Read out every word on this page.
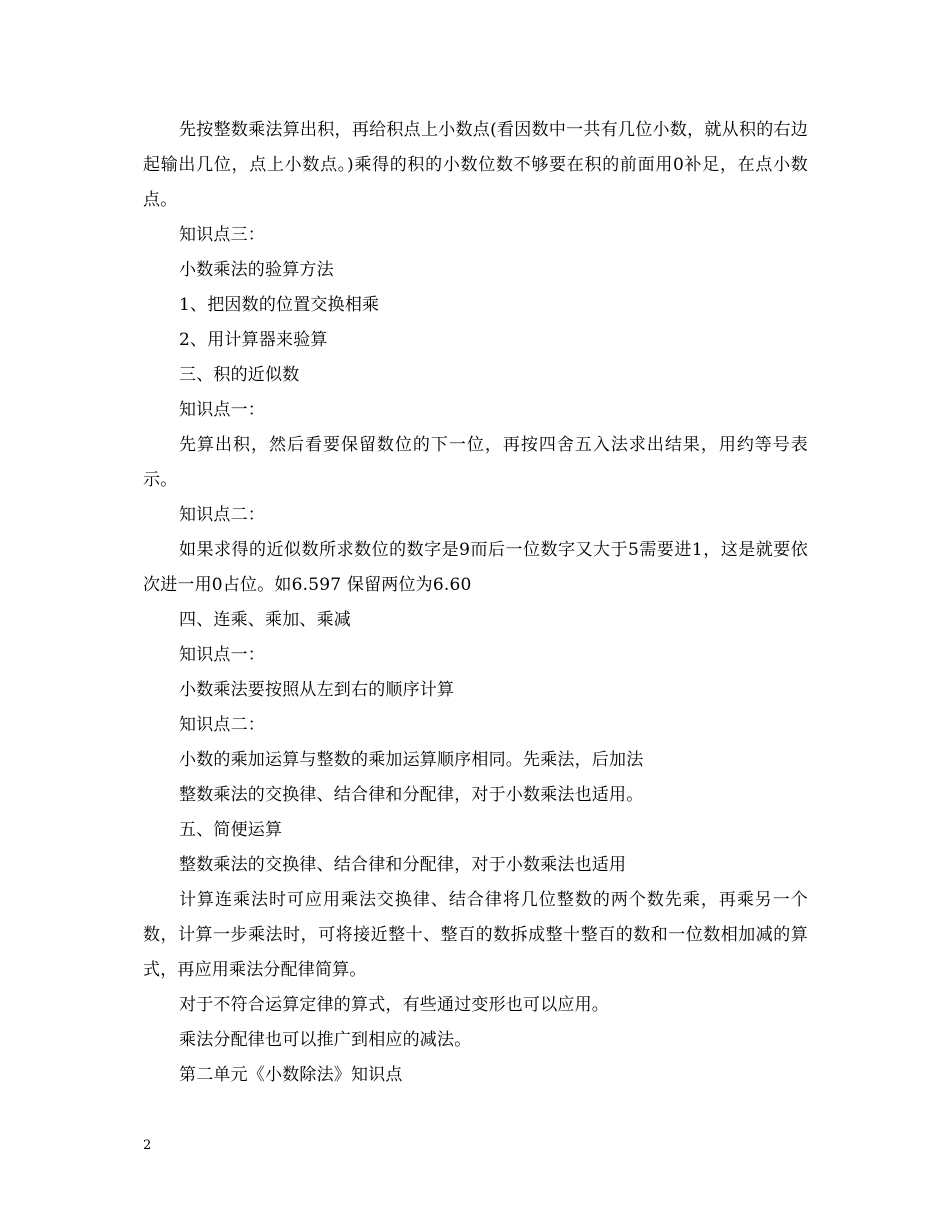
先按整数乘法算出积，再给积点上小数点(看因数中一共有几位小数，就从积的右边起输出几位，点上小数点。)乘得的积的小数位数不够要在积的前面用0补足，在点小数点。

知识点三：

小数乘法的验算方法

1、把因数的位置交换相乘

2、用计算器来验算

三、积的近似数

知识点一：

先算出积，然后看要保留数位的下一位，再按四舍五入法求出结果，用约等号表示。

知识点二：

如果求得的近似数所求数位的数字是9而后一位数字又大于5需要进1，这是就要依次进一用0占位。如6.597 保留两位为6.60

四、连乘、乘加、乘减

知识点一：

小数乘法要按照从左到右的顺序计算

知识点二：

小数的乘加运算与整数的乘加运算顺序相同。先乘法，后加法

整数乘法的交换律、结合律和分配律，对于小数乘法也适用。

五、简便运算

整数乘法的交换律、结合律和分配律，对于小数乘法也适用

计算连乘法时可应用乘法交换律、结合律将几位整数的两个数先乘，再乘另一个数，计算一步乘法时，可将接近整十、整百的数拆成整十整百的数和一位数相加减的算式，再应用乘法分配律简算。

对于不符合运算定律的算式，有些通过变形也可以应用。

乘法分配律也可以推广到相应的减法。

第二单元《小数除法》知识点

2
